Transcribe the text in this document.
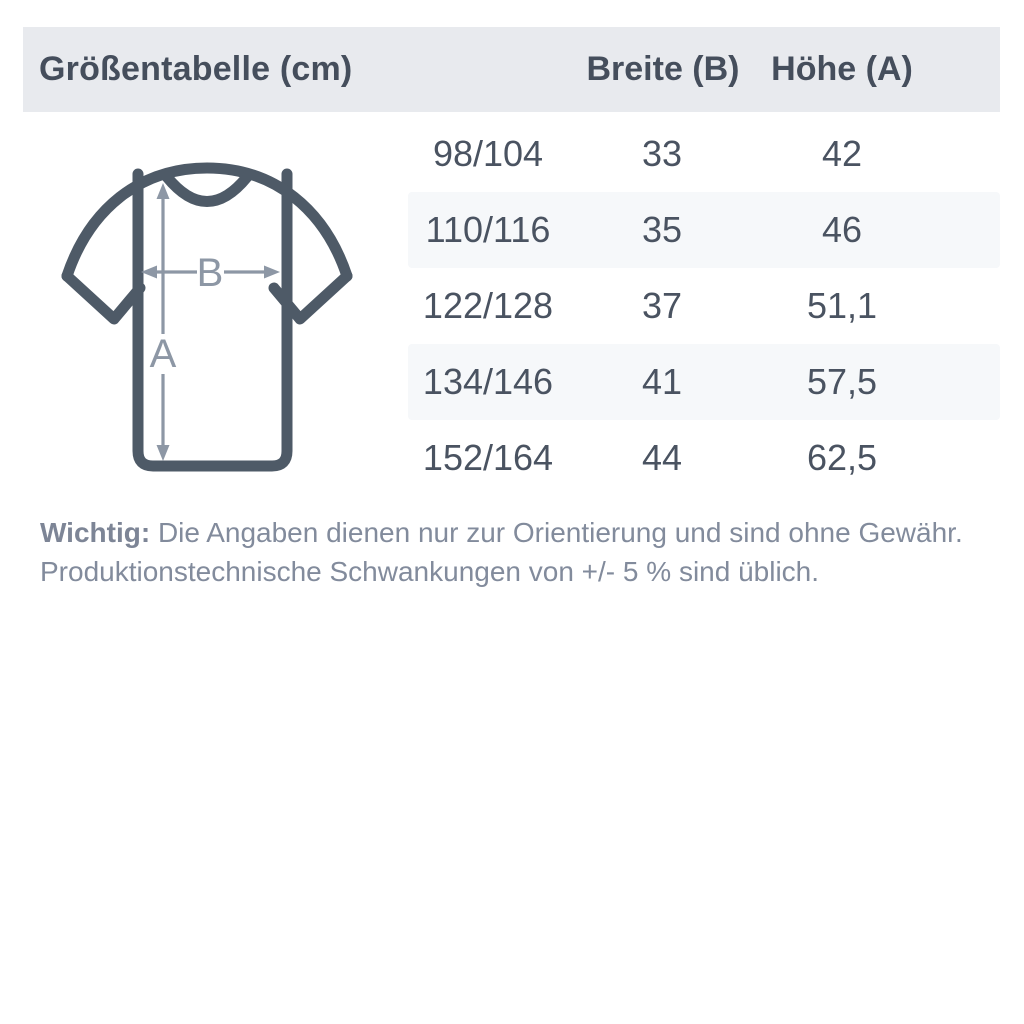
Größentabelle (cm)	Breite (B) Höhe (A)
A
B
98/104	33	42
110/116	35	46
122/128	37	51,1
134/146	41	57,5
152/164	44	62,5
Wichtig: Die Angaben dienen nur zur Orientierung und sind ohne Gewähr.
Produktionstechnische Schwankungen von +/- 5 % sind üblich.
